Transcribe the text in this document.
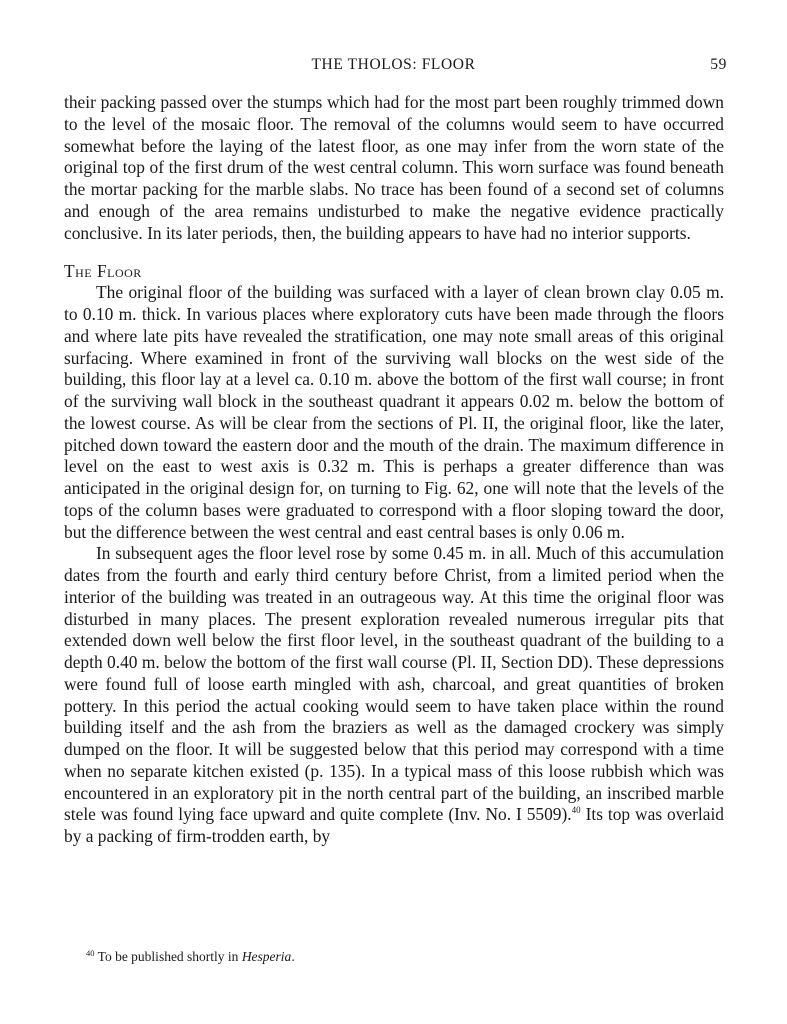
THE THOLOS: FLOOR	59

their packing passed over the stumps which had for the most part been roughly trimmed down to the level of the mosaic floor. The removal of the columns would seem to have occurred somewhat before the laying of the latest floor, as one may infer from the worn state of the original top of the first drum of the west central column. This worn surface was found beneath the mortar packing for the marble slabs. No trace has been found of a second set of columns and enough of the area remains undisturbed to make the negative evidence practically conclusive. In its later periods, then, the building appears to have had no interior supports.

The Floor

The original floor of the building was surfaced with a layer of clean brown clay 0.05 m. to 0.10 m. thick. In various places where exploratory cuts have been made through the floors and where late pits have revealed the stratification, one may note small areas of this original surfacing. Where examined in front of the surviving wall blocks on the west side of the building, this floor lay at a level ca. 0.10 m. above the bottom of the first wall course; in front of the surviving wall block in the southeast quadrant it appears 0.02 m. below the bottom of the lowest course. As will be clear from the sections of Pl. II, the original floor, like the later, pitched down toward the eastern door and the mouth of the drain. The maximum difference in level on the east to west axis is 0.32 m. This is perhaps a greater difference than was anticipated in the original design for, on turning to Fig. 62, one will note that the levels of the tops of the column bases were graduated to correspond with a floor sloping toward the door, but the difference between the west central and east central bases is only 0.06 m.

In subsequent ages the floor level rose by some 0.45 m. in all. Much of this accumulation dates from the fourth and early third century before Christ, from a limited period when the interior of the building was treated in an outrageous way. At this time the original floor was disturbed in many places. The present exploration revealed numerous irregular pits that extended down well below the first floor level, in the southeast quadrant of the building to a depth 0.40 m. below the bottom of the first wall course (Pl. II, Section DD). These depressions were found full of loose earth mingled with ash, charcoal, and great quantities of broken pottery. In this period the actual cooking would seem to have taken place within the round building itself and the ash from the braziers as well as the damaged crockery was simply dumped on the floor. It will be suggested below that this period may correspond with a time when no separate kitchen existed (p. 135). In a typical mass of this loose rubbish which was encountered in an exploratory pit in the north central part of the building, an inscribed marble stele was found lying face upward and quite complete (Inv. No. I 5509).$^{40}$ Its top was overlaid by a packing of firm-trodden earth, by

$^{40}$ To be published shortly in Hesperia.
